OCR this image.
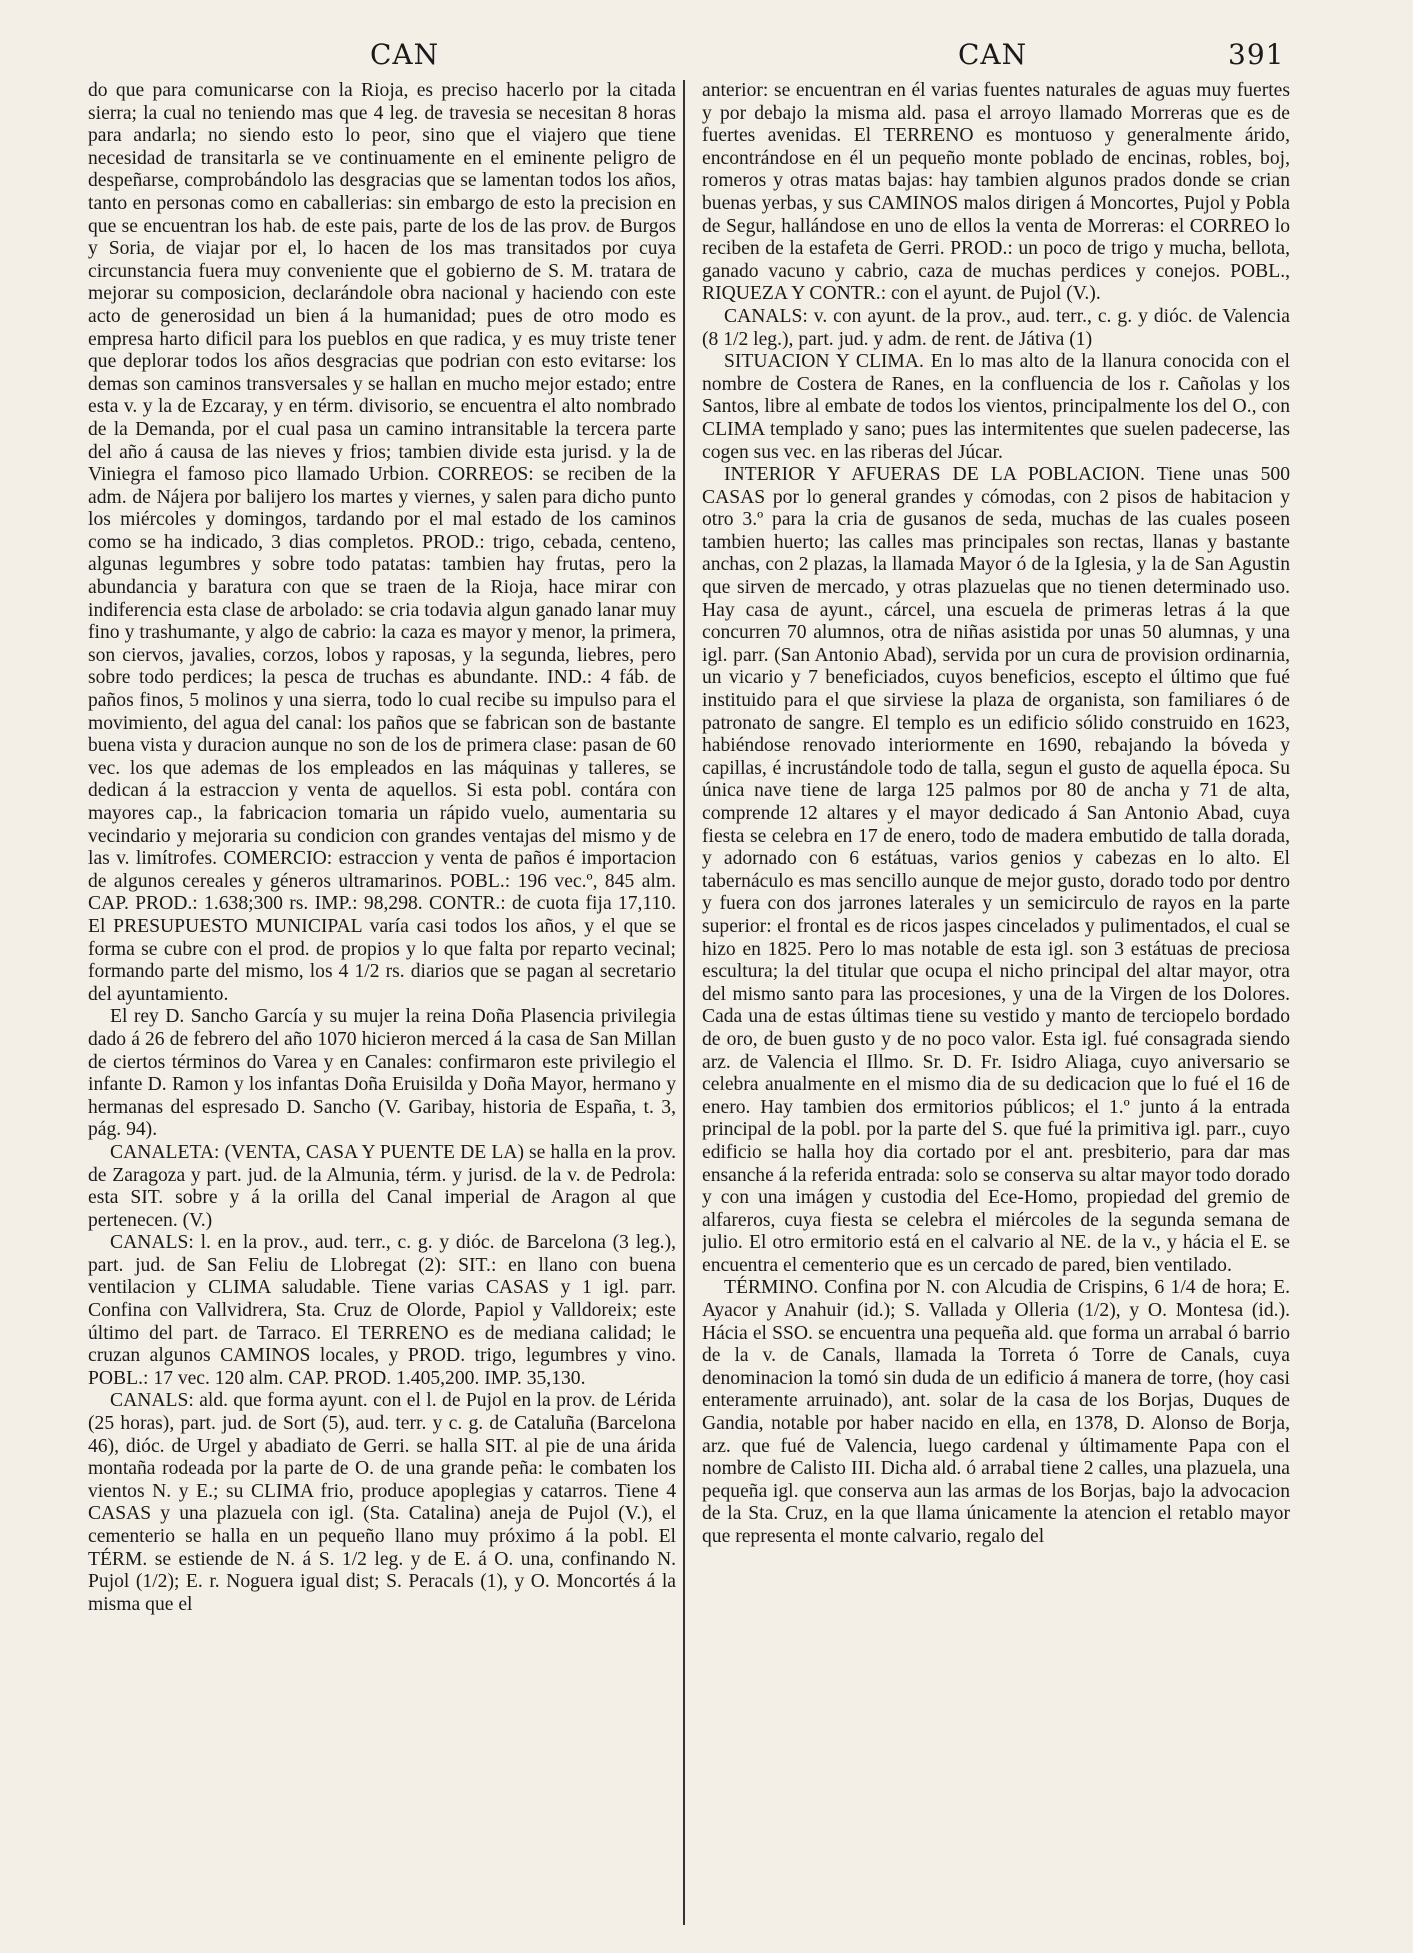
CAN	CAN	391

do que para comunicarse con la Rioja, es preciso hacerlo por la citada sierra; la cual no teniendo mas que 4 leg. de travesia se necesitan 8 horas para andarla; no siendo esto lo peor, sino que el viajero que tiene necesidad de transitarla se ve continuamente en el eminente peligro de despeñarse, comprobándolo las desgracias que se lamentan todos los años, tanto en personas como en caballerias: sin embargo de esto la precision en que se encuentran los hab. de este pais, parte de los de las prov. de Burgos y Soria, de viajar por el, lo hacen de los mas transitados por cuya circunstancia fuera muy conveniente que el gobierno de S. M. tratara de mejorar su composicion, declarándole obra nacional y haciendo con este acto de generosidad un bien á la humanidad; pues de otro modo es empresa harto dificil para los pueblos en que radica, y es muy triste tener que deplorar todos los años desgracias que podrian con esto evitarse: los demas son caminos transversales y se hallan en mucho mejor estado; entre esta v. y la de Ezcaray, y en térm. divisorio, se encuentra el alto nombrado de la Demanda, por el cual pasa un camino intransitable la tercera parte del año á causa de las nieves y frios; tambien divide esta jurisd. y la de Viniegra el famoso pico llamado Urbion. CORREOS: se reciben de la adm. de Nájera por balijero los martes y viernes, y salen para dicho punto los miércoles y domingos, tardando por el mal estado de los caminos como se ha indicado, 3 dias completos. PROD.: trigo, cebada, centeno, algunas legumbres y sobre todo patatas: tambien hay frutas, pero la abundancia y baratura con que se traen de la Rioja, hace mirar con indiferencia esta clase de arbolado: se cria todavia algun ganado lanar muy fino y trashumante, y algo de cabrio: la caza es mayor y menor, la primera, son ciervos, javalies, corzos, lobos y raposas, y la segunda, liebres, pero sobre todo perdices; la pesca de truchas es abundante. IND.: 4 fáb. de paños finos, 5 molinos y una sierra, todo lo cual recibe su impulso para el movimiento, del agua del canal: los paños que se fabrican son de bastante buena vista y duracion aunque no son de los de primera clase: pasan de 60 vec. los que ademas de los empleados en las máquinas y talleres, se dedican á la estraccion y venta de aquellos. Si esta pobl. contára con mayores cap., la fabricacion tomaria un rápido vuelo, aumentaria su vecindario y mejoraria su condicion con grandes ventajas del mismo y de las v. limítrofes. COMERCIO: estraccion y venta de paños é importacion de algunos cereales y géneros ultramarinos. POBL.: 196 vec.º, 845 alm. CAP. PROD.: 1.638;300 rs. IMP.: 98,298. CONTR.: de cuota fija 17,110. El PRESUPUESTO MUNICIPAL varía casi todos los años, y el que se forma se cubre con el prod. de propios y lo que falta por reparto vecinal; formando parte del mismo, los 4 1/2 rs. diarios que se pagan al secretario del ayuntamiento.

El rey D. Sancho García y su mujer la reina Doña Plasencia privilegia dado á 26 de febrero del año 1070 hicieron merced á la casa de San Millan de ciertos términos do Varea y en Canales: confirmaron este privilegio el infante D. Ramon y los infantas Doña Eruisilda y Doña Mayor, hermano y hermanas del espresado D. Sancho (V. Garibay, historia de España, t. 3, pág. 94).

CANALETA: (VENTA, CASA Y PUENTE DE LA) se halla en la prov. de Zaragoza y part. jud. de la Almunia, térm. y jurisd. de la v. de Pedrola: esta SIT. sobre y á la orilla del Canal imperial de Aragon al que pertenecen. (V.)

CANALS: l. en la prov., aud. terr., c. g. y dióc. de Barcelona (3 leg.), part. jud. de San Feliu de Llobregat (2): SIT.: en llano con buena ventilacion y CLIMA saludable. Tiene varias CASAS y 1 igl. parr. Confina con Vallvidrera, Sta. Cruz de Olorde, Papiol y Valldoreix; este último del part. de Tarraco. El TERRENO es de mediana calidad; le cruzan algunos CAMINOS locales, y PROD. trigo, legumbres y vino. POBL.: 17 vec. 120 alm. CAP. PROD. 1.405,200. IMP. 35,130.

CANALS: ald. que forma ayunt. con el l. de Pujol en la prov. de Lérida (25 horas), part. jud. de Sort (5), aud. terr. y c. g. de Cataluña (Barcelona 46), dióc. de Urgel y abadiato de Gerri. se halla SIT. al pie de una árida montaña rodeada por la parte de O. de una grande peña: le combaten los vientos N. y E.; su CLIMA frio, produce apoplegias y catarros. Tiene 4 CASAS y una plazuela con igl. (Sta. Catalina) aneja de Pujol (V.), el cementerio se halla en un pequeño llano muy próximo á la pobl. El TÉRM. se estiende de N. á S. 1/2 leg. y de E. á O. una, confinando N. Pujol (1/2); E. r. Noguera igual dist; S. Peracals (1), y O. Moncortés á la misma que el

anterior: se encuentran en él varias fuentes naturales de aguas muy fuertes y por debajo la misma ald. pasa el arroyo llamado Morreras que es de fuertes avenidas. El TERRENO es montuoso y generalmente árido, encontrándose en él un pequeño monte poblado de encinas, robles, boj, romeros y otras matas bajas: hay tambien algunos prados donde se crian buenas yerbas, y sus CAMINOS malos dirigen á Moncortes, Pujol y Pobla de Segur, hallándose en uno de ellos la venta de Morreras: el CORREO lo reciben de la estafeta de Gerri. PROD.: un poco de trigo y mucha, bellota, ganado vacuno y cabrio, caza de muchas perdices y conejos. POBL., RIQUEZA Y CONTR.: con el ayunt. de Pujol (V.).

CANALS: v. con ayunt. de la prov., aud. terr., c. g. y dióc. de Valencia (8 1/2 leg.), part. jud. y adm. de rent. de Játiva (1)

SITUACION Y CLIMA. En lo mas alto de la llanura conocida con el nombre de Costera de Ranes, en la confluencia de los r. Cañolas y los Santos, libre al embate de todos los vientos, principalmente los del O., con CLIMA templado y sano; pues las intermitentes que suelen padecerse, las cogen sus vec. en las riberas del Júcar.

INTERIOR Y AFUERAS DE LA POBLACION. Tiene unas 500 CASAS por lo general grandes y cómodas, con 2 pisos de habitacion y otro 3.º para la cria de gusanos de seda, muchas de las cuales poseen tambien huerto; las calles mas principales son rectas, llanas y bastante anchas, con 2 plazas, la llamada Mayor ó de la Iglesia, y la de San Agustin que sirven de mercado, y otras plazuelas que no tienen determinado uso. Hay casa de ayunt., cárcel, una escuela de primeras letras á la que concurren 70 alumnos, otra de niñas asistida por unas 50 alumnas, y una igl. parr. (San Antonio Abad), servida por un cura de provision ordinarnia, un vicario y 7 beneficiados, cuyos beneficios, escepto el último que fué instituido para el que sirviese la plaza de organista, son familiares ó de patronato de sangre. El templo es un edificio sólido construido en 1623, habiéndose renovado interiormente en 1690, rebajando la bóveda y capillas, é incrustándole todo de talla, segun el gusto de aquella época. Su única nave tiene de larga 125 palmos por 80 de ancha y 71 de alta, comprende 12 altares y el mayor dedicado á San Antonio Abad, cuya fiesta se celebra en 17 de enero, todo de madera embutido de talla dorada, y adornado con 6 estátuas, varios genios y cabezas en lo alto. El tabernáculo es mas sencillo aunque de mejor gusto, dorado todo por dentro y fuera con dos jarrones laterales y un semicirculo de rayos en la parte superior: el frontal es de ricos jaspes cincelados y pulimentados, el cual se hizo en 1825. Pero lo mas notable de esta igl. son 3 estátuas de preciosa escultura; la del titular que ocupa el nicho principal del altar mayor, otra del mismo santo para las procesiones, y una de la Virgen de los Dolores. Cada una de estas últimas tiene su vestido y manto de terciopelo bordado de oro, de buen gusto y de no poco valor. Esta igl. fué consagrada siendo arz. de Valencia el Illmo. Sr. D. Fr. Isidro Aliaga, cuyo aniversario se celebra anualmente en el mismo dia de su dedicacion que lo fué el 16 de enero. Hay tambien dos ermitorios públicos; el 1.º junto á la entrada principal de la pobl. por la parte del S. que fué la primitiva igl. parr., cuyo edificio se halla hoy dia cortado por el ant. presbiterio, para dar mas ensanche á la referida entrada: solo se conserva su altar mayor todo dorado y con una imágen y custodia del Ece-Homo, propiedad del gremio de alfareros, cuya fiesta se celebra el miércoles de la segunda semana de julio. El otro ermitorio está en el calvario al NE. de la v., y hácia el E. se encuentra el cementerio que es un cercado de pared, bien ventilado.

TÉRMINO. Confina por N. con Alcudia de Crispins, 6 1/4 de hora; E. Ayacor y Anahuir (id.); S. Vallada y Olleria (1/2), y O. Montesa (id.). Hácia el SSO. se encuentra una pequeña ald. que forma un arrabal ó barrio de la v. de Canals, llamada la Torreta ó Torre de Canals, cuya denominacion la tomó sin duda de un edificio á manera de torre, (hoy casi enteramente arruinado), ant. solar de la casa de los Borjas, Duques de Gandia, notable por haber nacido en ella, en 1378, D. Alonso de Borja, arz. que fué de Valencia, luego cardenal y últimamente Papa con el nombre de Calisto III. Dicha ald. ó arrabal tiene 2 calles, una plazuela, una pequeña igl. que conserva aun las armas de los Borjas, bajo la advocacion de la Sta. Cruz, en la que llama únicamente la atencion el retablo mayor que representa el monte calvario, regalo del
